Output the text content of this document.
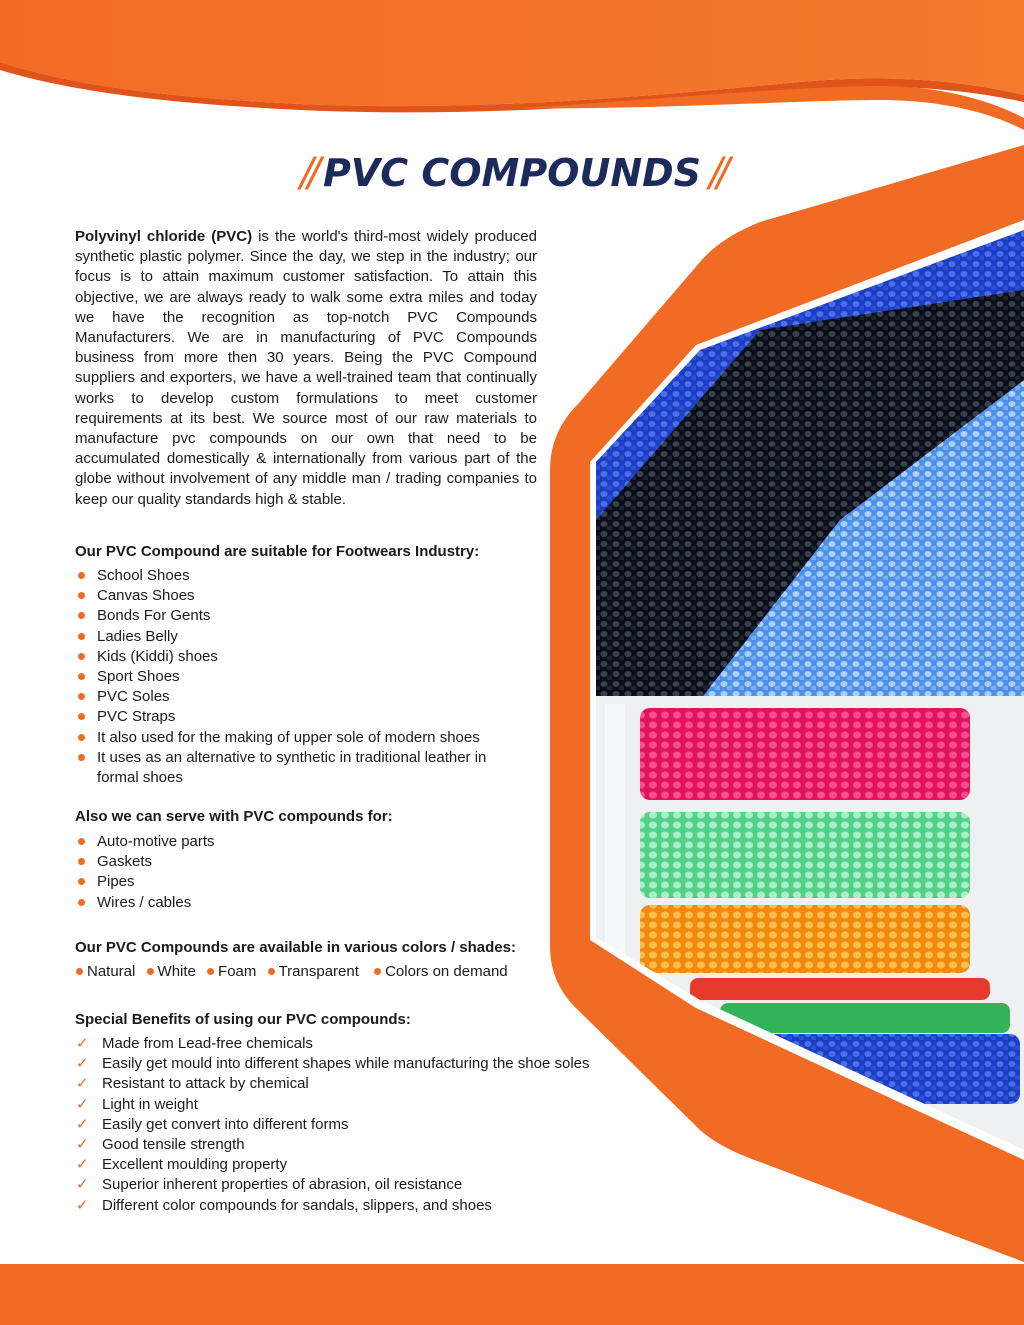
// PVC COMPOUNDS //

Polyvinyl chloride (PVC) is the world's third-most widely produced synthetic plastic polymer. Since the day, we step in the industry; our focus is to attain maximum customer satisfaction. To attain this objective, we are always ready to walk some extra miles and today we have the recognition as top-notch PVC Compounds Manufacturers. We are in manufacturing of PVC Compounds business from more then 30 years. Being the PVC Compound suppliers and exporters, we have a well-trained team that continually works to develop custom formulations to meet customer requirements at its best. We source most of our raw materials to manufacture pvc compounds on our own that need to be accumulated domestically & internationally from various part of the globe without involvement of any middle man / trading companies to keep our quality standards high & stable.

Our PVC Compound are suitable for Footwears Industry:
School Shoes
Canvas Shoes
Bonds For Gents
Ladies Belly
Kids (Kiddi) shoes
Sport Shoes
PVC Soles
PVC Straps
It also used for the making of upper sole of modern shoes
It uses as an alternative to synthetic in traditional leather in formal shoes
Also we can serve with PVC compounds for:
Auto-motive parts
Gaskets
Pipes
Wires / cables
Our PVC Compounds are available in various colors / shades:
Natural White Foam Transparent Colors on demand
Special Benefits of using our PVC compounds:
✓ Made from Lead-free chemicals
✓ Easily get mould into different shapes while manufacturing the shoe soles
✓ Resistant to attack by chemical
✓ Light in weight
✓ Easily get convert into different forms
✓ Good tensile strength
✓ Excellent moulding property
✓ Superior inherent properties of abrasion, oil resistance
✓ Different color compounds for sandals, slippers, and shoes
